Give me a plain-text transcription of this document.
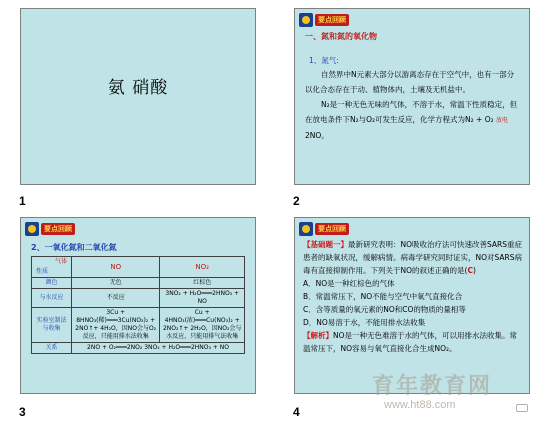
氨 硝酸
1
要点回顾
一、氮和氮的氧化物
1、氮气:
自然界中N元素大部分以游离态存在于空气中，也有一部分以化合态存在于动、植物体内，土壤及无机盐中。
N₂是一种无色无味的气体，不溶于水，常温下性质稳定，但在放电条件下N₂与O₂可发生反应，化学方程式为N₂ + O₂ 放电 2NO。
2
要点回顾
2、一氧化氮和二氧化氮
气体
性质	NO	NO₂
颜色	无色	红棕色
与水反应	不反应	3NO₂ + H₂O═══2HNO₃ + NO
实验室制法与收集	3Cu + 8HNO₃(稀)═══3Cu(NO₃)₂ + 2NO↑+ 4H₂O，因NO会与O₂反应，只能用排水法收集	Cu + 4HNO₃(浓)═══Cu(NO₃)₂ + 2NO₂↑+ 2H₂O，因NO₂会与水反应，只能用排气法收集
关系	2NO + O₂═══2NO₂ 3NO₂ + H₂O═══2HNO₃ + NO	
3
要点回顾

【基础题一】最新研究表明：NO吸收治疗法可快速改善SARS重症患者的缺氧状况，缓解病情。病毒学研究同时证实，NO对SARS病毒有直接抑制作用。下列关于NO的叙述正确的是(C)

A．NO是一种红棕色的气体

B．常温常压下，NO不能与空气中氧气直接化合

C．含等质量的氧元素的NO和CO的物质的量相等

D．NO易溶于水，不能用排水法收集

【解析】NO是一种无色难溶于水的气体，可以用排水法收集。常温常压下，NO容易与氧气直接化合生成NO₂。

4
育年教育网
www.ht88.com
